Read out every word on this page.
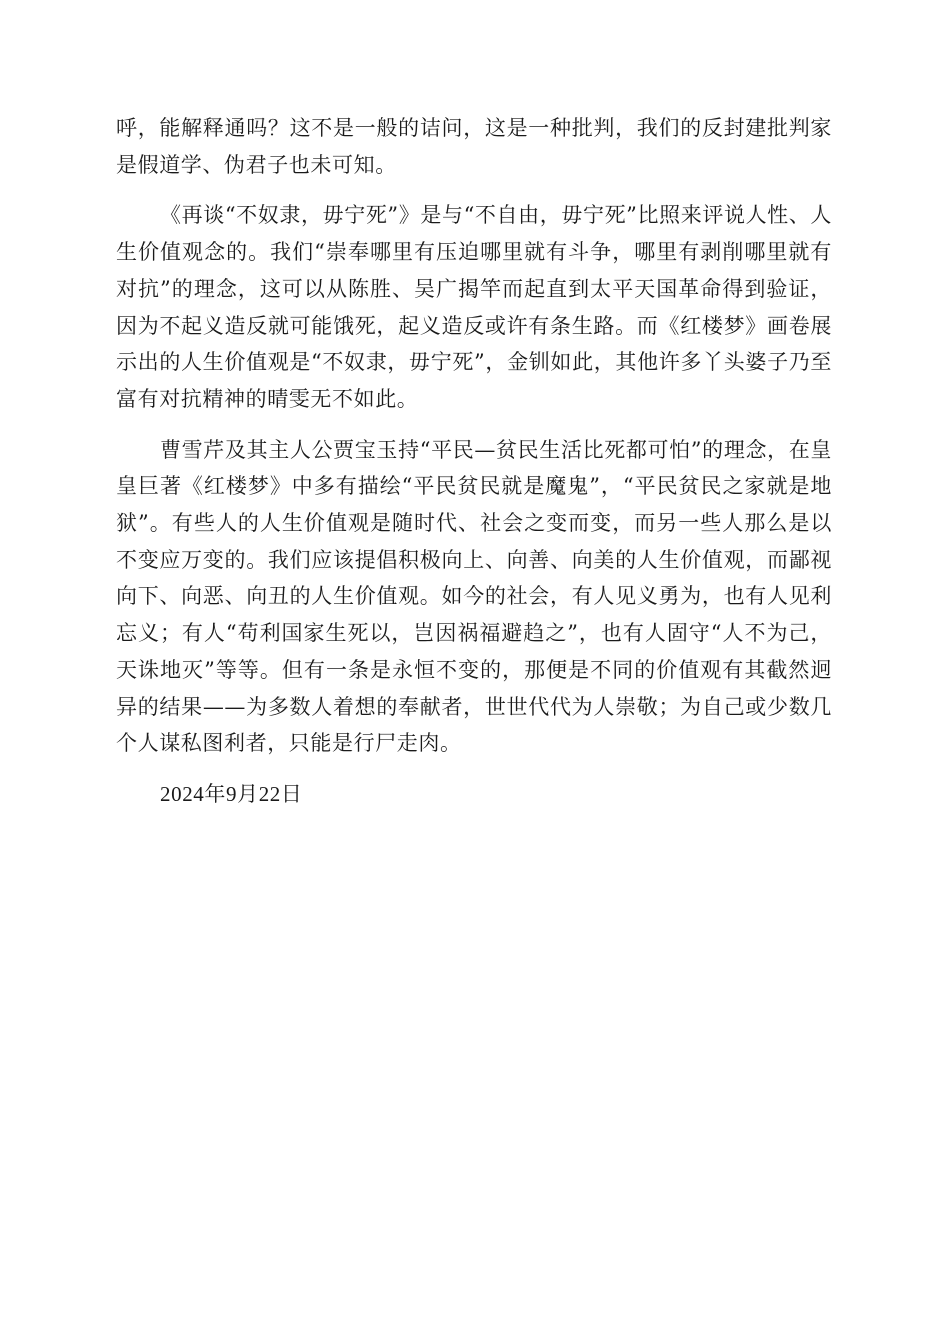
呼，能解释通吗？这不是一般的诘问，这是一种批判，我们的反封建批判家是假道学、伪君子也未可知。

《再谈“不奴隶，毋宁死”》是与“不自由，毋宁死”比照来评说人性、人生价值观念的。我们“崇奉哪里有压迫哪里就有斗争，哪里有剥削哪里就有对抗”的理念，这可以从陈胜、吴广揭竿而起直到太平天国革命得到验证，因为不起义造反就可能饿死，起义造反或许有条生路。而《红楼梦》画卷展示出的人生价值观是“不奴隶，毋宁死”，金钏如此，其他许多丫头婆子乃至富有对抗精神的晴雯无不如此。

曹雪芹及其主人公贾宝玉持“平民—贫民生活比死都可怕”的理念，在皇皇巨著《红楼梦》中多有描绘“平民贫民就是魔鬼”，“平民贫民之家就是地狱”。有些人的人生价值观是随时代、社会之变而变，而另一些人那么是以不变应万变的。我们应该提倡积极向上、向善、向美的人生价值观，而鄙视向下、向恶、向丑的人生价值观。如今的社会，有人见义勇为，也有人见利忘义；有人“苟利国家生死以，岂因祸福避趋之”，也有人固守“人不为己，天诛地灭”等等。但有一条是永恒不变的，那便是不同的价值观有其截然迥异的结果——为多数人着想的奉献者，世世代代为人崇敬；为自己或少数几个人谋私图利者，只能是行尸走肉。

2024年9月22日
